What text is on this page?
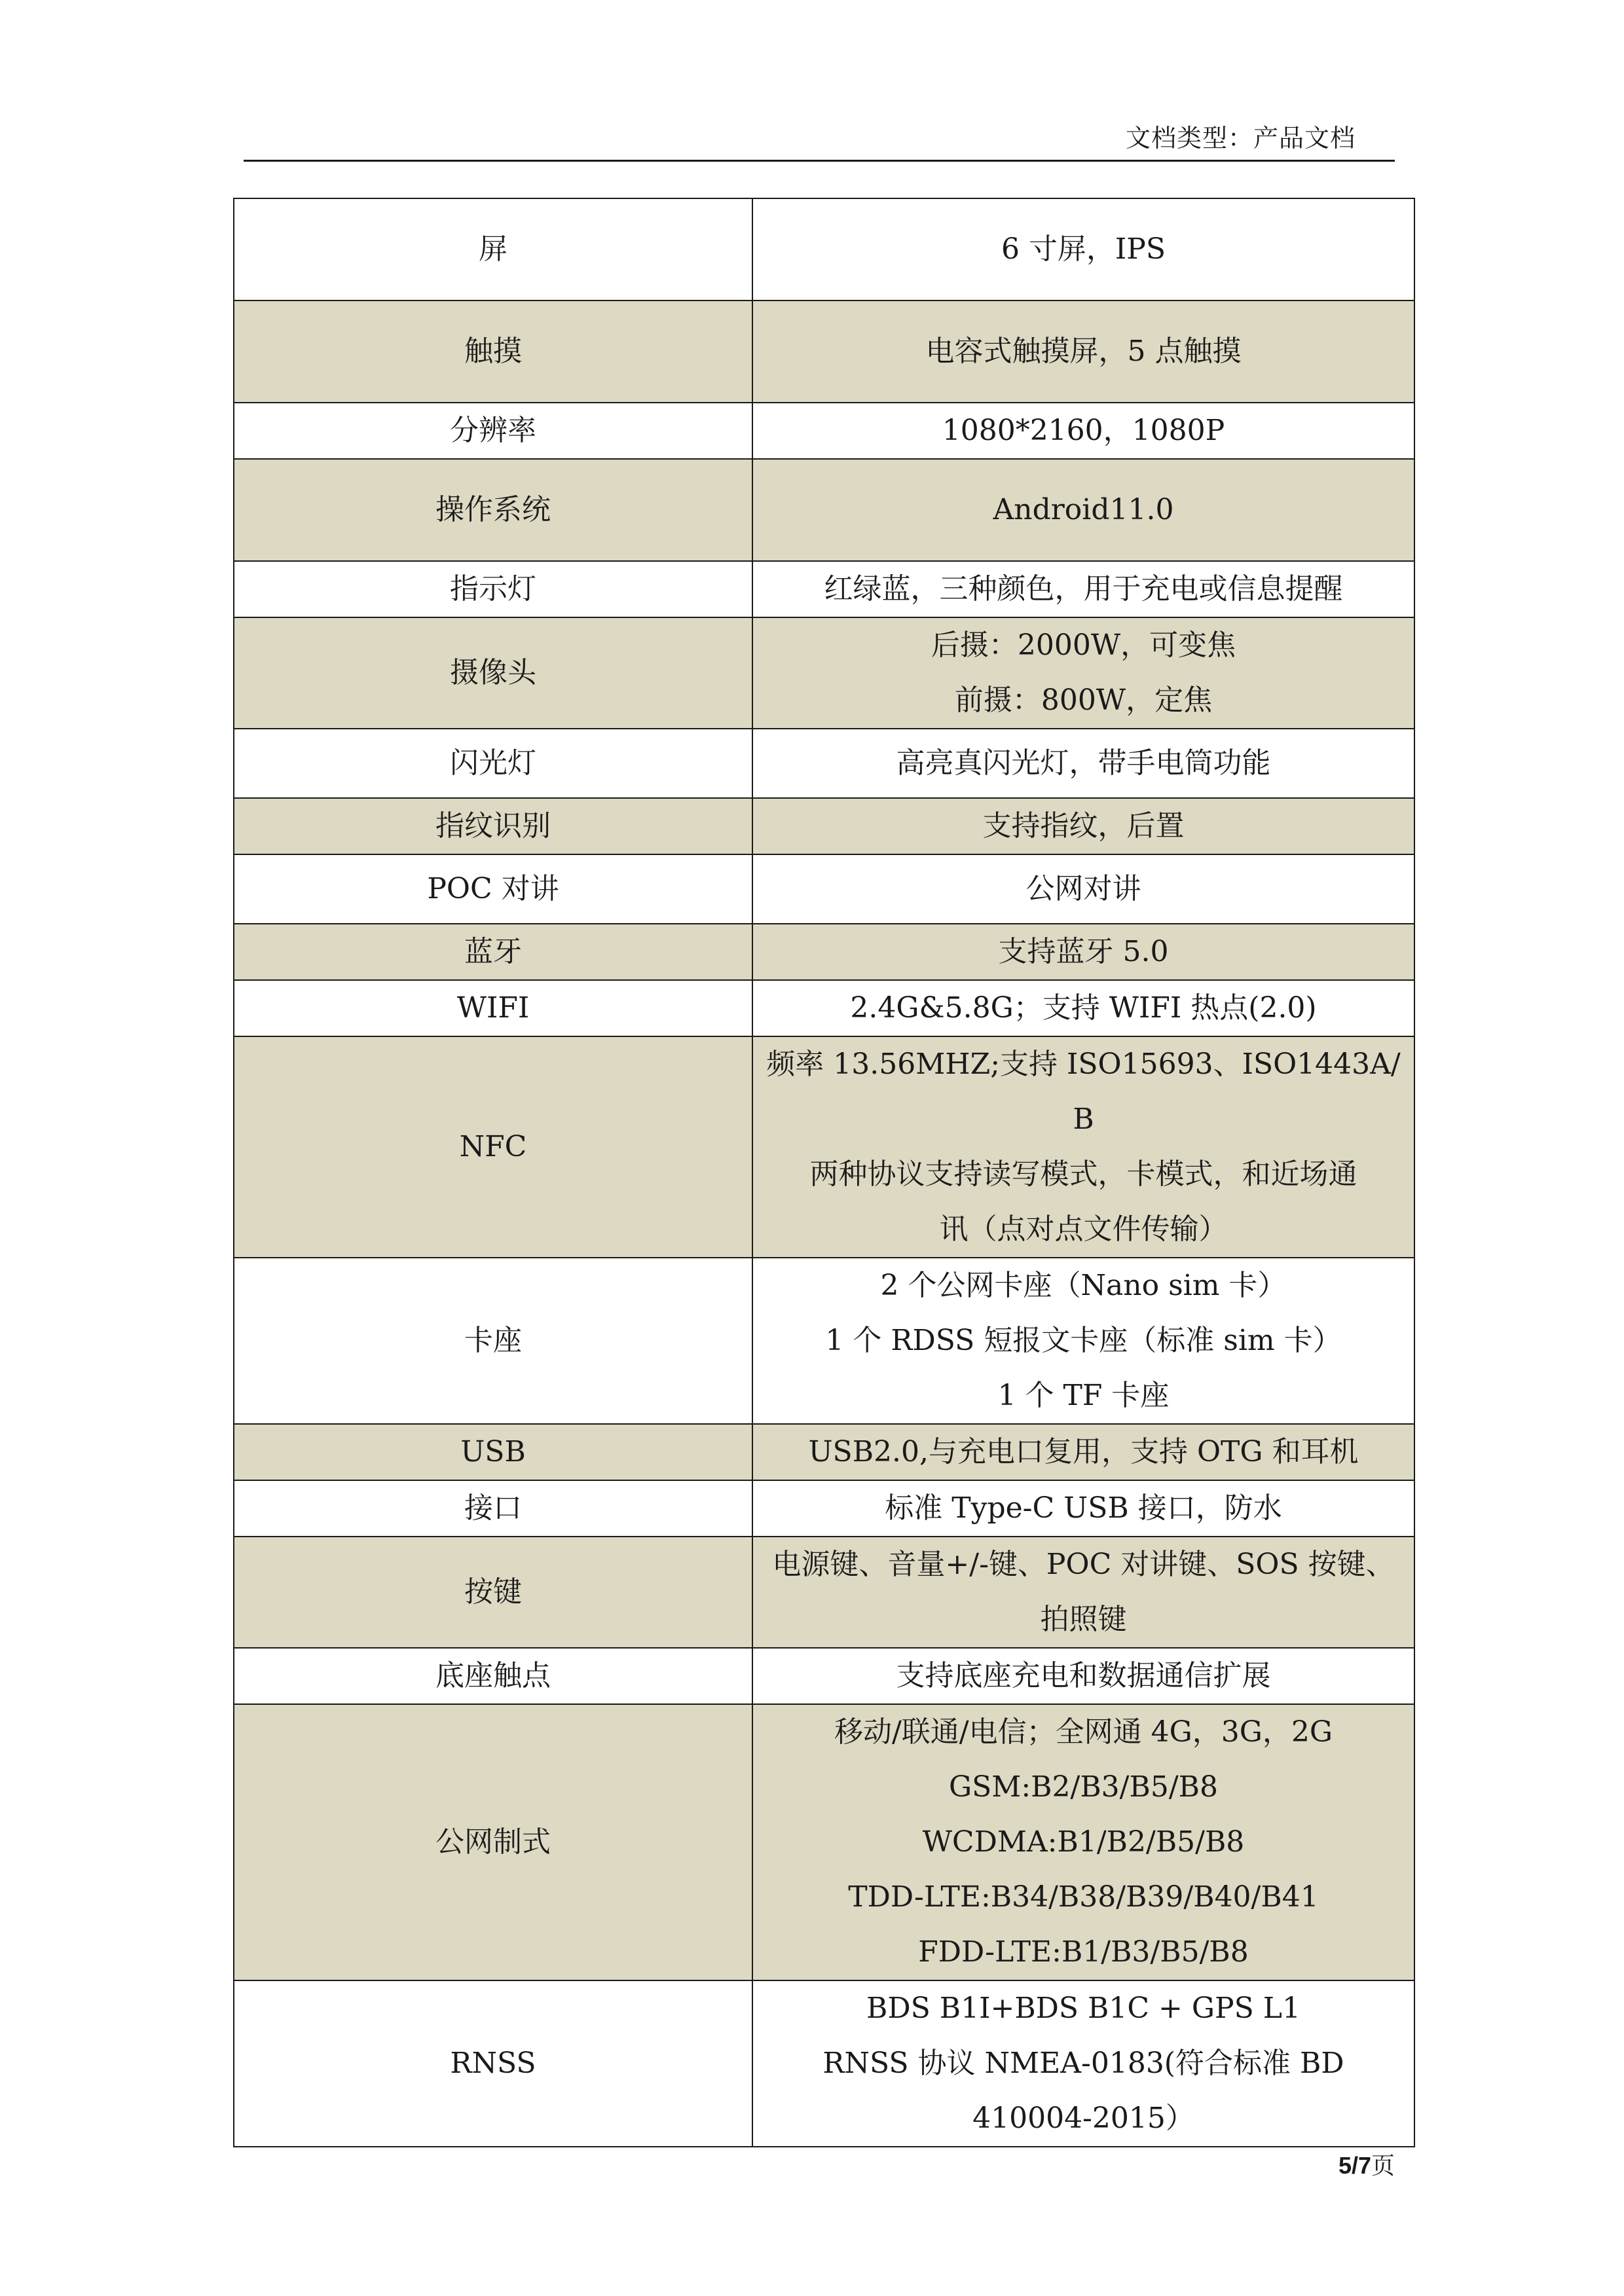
文档类型：产品文档
屏	6 寸屏，IPS

触摸	电容式触摸屏，5 点触摸

分辨率	1080*2160，1080P

操作系统	Android11.0

指示灯	红绿蓝，三种颜色，用于充电或信息提醒

摄像头	后摄：2000W，可变焦
前摄：800W，定焦

闪光灯	高亮真闪光灯，带手电筒功能

指纹识别	支持指纹，后置

POC 对讲	公网对讲

蓝牙	支持蓝牙 5.0

WIFI	2.4G&5.8G；支持 WIFI 热点(2.0)

NFC	频率 13.56MHZ;支持 ISO15693、ISO1443A/B
两种协议支持读写模式，卡模式，和近场通
讯（点对点文件传输）

卡座	2 个公网卡座（Nano sim 卡）
1 个 RDSS 短报文卡座（标准 sim 卡）
1 个 TF 卡座

USB	USB2.0,与充电口复用，支持 OTG 和耳机

接口	标准 Type-C USB 接口，防水

按键	电源键、音量+/-键、POC 对讲键、SOS 按键、
拍照键

底座触点	支持底座充电和数据通信扩展

公网制式	移动/联通/电信；全网通 4G，3G，2G
GSM:B2/B3/B5/B8
WCDMA:B1/B2/B5/B8
TDD-LTE:B34/B38/B39/B40/B41
FDD-LTE:B1/B3/B5/B8

RNSS	BDS B1I+BDS B1C + GPS L1
RNSS 协议 NMEA-0183(符合标准 BD
410004-2015）
5/7页
